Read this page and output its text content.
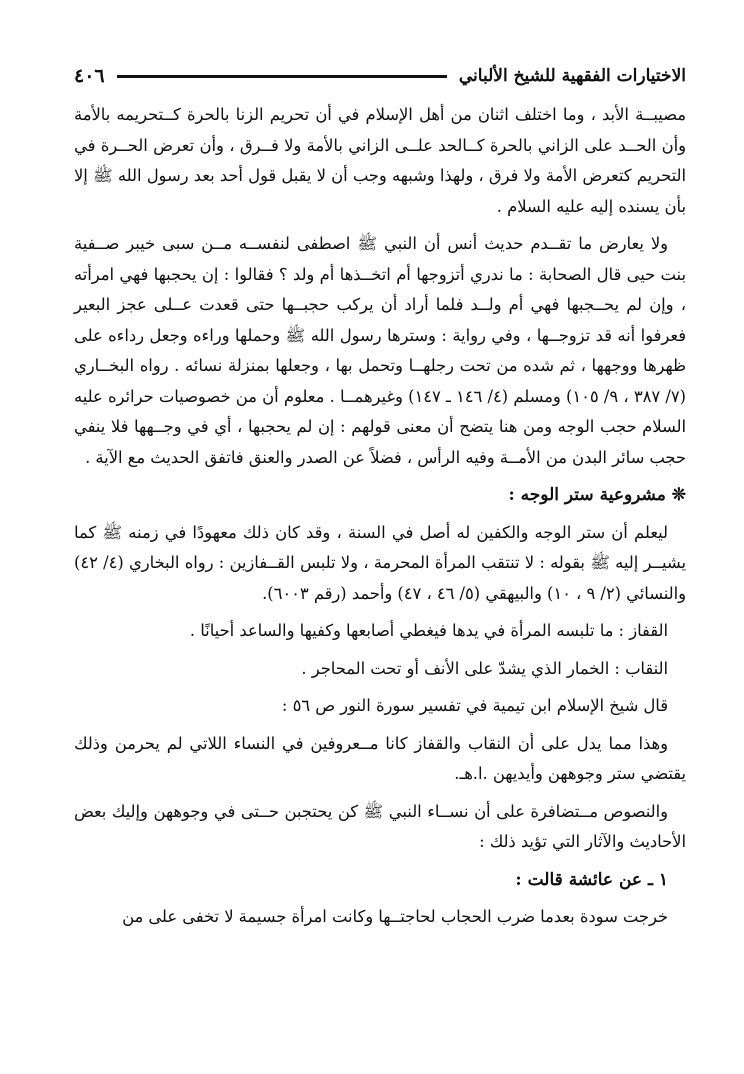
الاختيارات الفقهية للشيخ الألباني
٤٠٦

مصيبــة الأبد ، وما اختلف اثنان من أهل الإسلام في أن تحريم الزنا بالحرة كــتحريمه بالأمة وأن الحــد على الزاني بالحرة كــالحد علــى الزاني بالأمة ولا فــرق ، وأن تعرض الحــرة في التحريم كتعرض الأمة ولا فرق ، ولهذا وشبهه وجب أن لا يقبل قول أحد بعد رسول الله ﷺ إلا بأن يسنده إليه عليه السلام .

ولا يعارض ما تقــدم حديث أنس أن النبي ﷺ اصطفى لنفســه مــن سبى خيبر صــفية بنت حيى قال الصحابة : ما ندري أتزوجها أم اتخــذها أم ولد ؟ فقالوا : إن يحجبها فهي امرأته ، وإن لم يحــجبها فهي أم ولــد فلما أراد أن يركب حجبــها حتى قعدت عــلى عجز البعير فعرفوا أنه قد تزوجــها ، وفي رواية : وسترها رسول الله ﷺ وحملها وراءه وجعل رداءه على ظهرها ووجهها ، ثم شده من تحت رجلهــا وتحمل بها ، وجعلها بمنزلة نسائه . رواه البخــاري (٧/ ٣٨٧ ، ٩/ ١٠٥) ومسلم (٤/ ١٤٦ ـ ١٤٧) وغيرهمــا . معلوم أن من خصوصيات حرائره عليه السلام حجب الوجه ومن هنا يتضح أن معنى قولهم : إن لم يحجبها ، أي في وجــهها فلا ينفي حجب سائر البدن من الأمــة وفيه الرأس ، فضلاً عن الصدر والعنق فاتفق الحديث مع الآية .

❊ مشروعية ستر الوجه :

ليعلم أن ستر الوجه والكفين له أصل في السنة ، وقد كان ذلك معهودًا في زمنه ﷺ كما يشيــر إليه ﷺ بقوله : لا تنتقب المرأة المحرمة ، ولا تلبس القــفازين : رواه البخاري (٤/ ٤٢) والنسائي (٢/ ٩ ، ١٠) والبيهقي (٥/ ٤٦ ، ٤٧) وأحمد (رقم ٦٠٠٣).

القفاز : ما تلبسه المرأة في يدها فيغطي أصابعها وكفيها والساعد أحيانًا .

النقاب : الخمار الذي يشدّ على الأنف أو تحت المحاجر .

قال شيخ الإسلام ابن تيمية في تفسير سورة النور ص ٥٦ :

وهذا مما يدل على أن النقاب والقفاز كانا مــعروفين في النساء اللاتي لم يحرمن وذلك يقتضي ستر وجوههن وأيديهن .ا.هـ.

والنصوص مــتضافرة على أن نســاء النبي ﷺ كن يحتجبن حــتى في وجوههن وإليك بعض الأحاديث والآثار التي تؤيد ذلك :

١ ـ عن عائشة قالت :

خرجت سودة بعدما ضرب الحجاب لحاجتــها وكانت امرأة جسيمة لا تخفى على من
